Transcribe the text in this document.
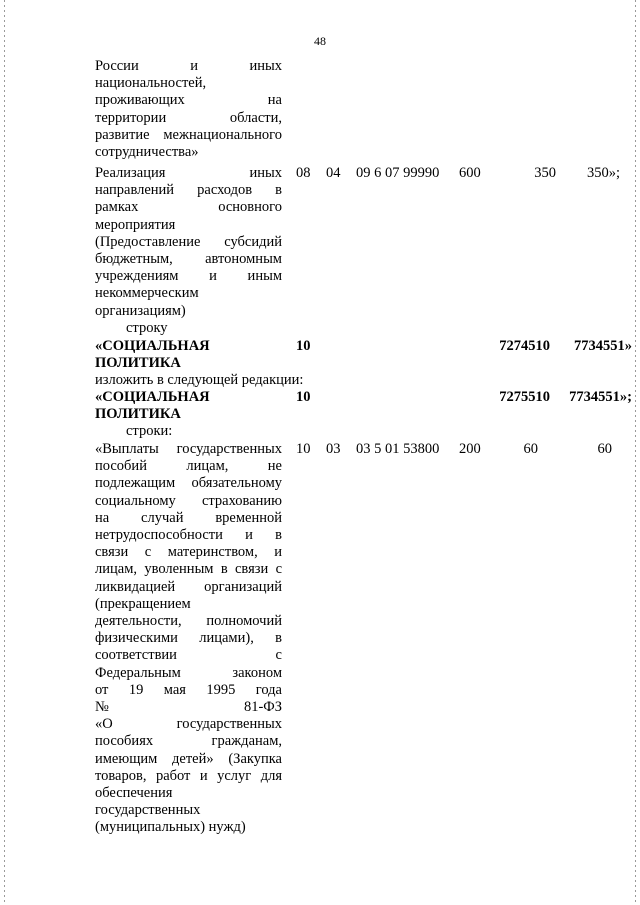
48
России и иных
национальностей,
проживающих на
территории области,
развитие межнационального
сотрудничества»
Реализация иных
направлений расходов в
рамках основного
мероприятия
(Предоставление субсидий
бюджетным, автономным
учреждениям и иным
некоммерческим
организациям)
08 04 09 6 07 99990 600	350	350»;
строку
«СОЦИАЛЬНАЯ
ПОЛИТИКА
10	7274510	7734551»
изложить в следующей редакции:
«СОЦИАЛЬНАЯ
ПОЛИТИКА
10	7275510	7734551»;
строки:
«Выплаты государственных
пособий лицам, не
подлежащим обязательному
социальному страхованию
на случай временной
нетрудоспособности и в
связи с материнством, и
лицам, уволенным в связи с
ликвидацией организаций
(прекращением
деятельности, полномочий
физическими лицами), в
соответствии с
Федеральным законом
от 19 мая 1995 года
№ 81-ФЗ
«О государственных
пособиях гражданам,
имеющим детей» (Закупка
товаров, работ и услуг для
обеспечения
государственных
(муниципальных) нужд)
10 03 03 5 01 53800 200	60	60
